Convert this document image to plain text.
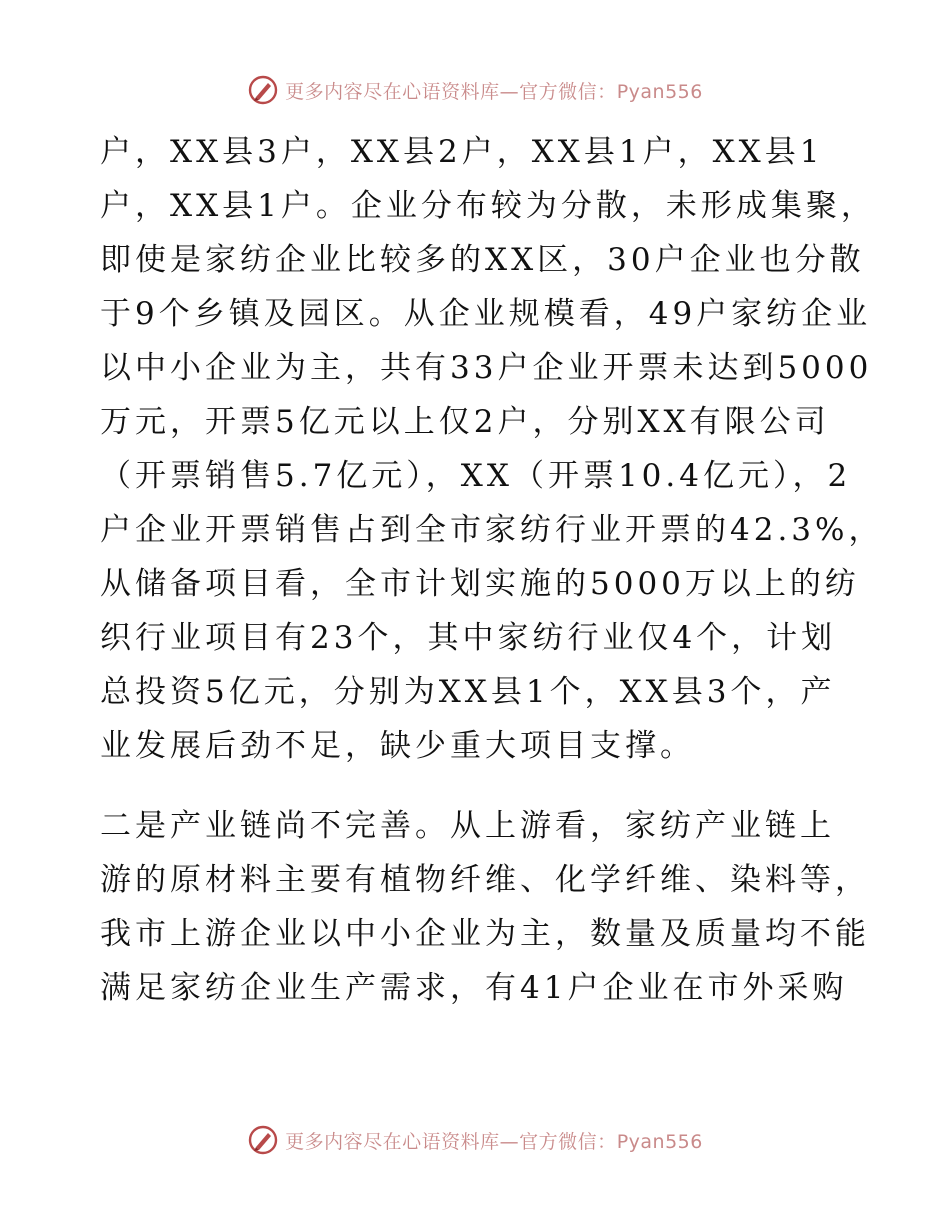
更多内容尽在心语资料库—官方微信：Pyan556
户，XX县3户，XX县2户，XX县1户，XX县1
户，XX县1户。企业分布较为分散，未形成集聚，
即使是家纺企业比较多的XX区，30户企业也分散
于9个乡镇及园区。从企业规模看，49户家纺企业
以中小企业为主，共有33户企业开票未达到5000
万元，开票5亿元以上仅2户，分别XX有限公司
（开票销售5.7亿元），XX（开票10.4亿元），2
户企业开票销售占到全市家纺行业开票的42.3%，
从储备项目看，全市计划实施的5000万以上的纺
织行业项目有23个，其中家纺行业仅4个，计划
总投资5亿元，分别为XX县1个，XX县3个，产
业发展后劲不足，缺少重大项目支撑。
二是产业链尚不完善。从上游看，家纺产业链上
游的原材料主要有植物纤维、化学纤维、染料等，
我市上游企业以中小企业为主，数量及质量均不能
满足家纺企业生产需求，有41户企业在市外采购
更多内容尽在心语资料库—官方微信：Pyan556
